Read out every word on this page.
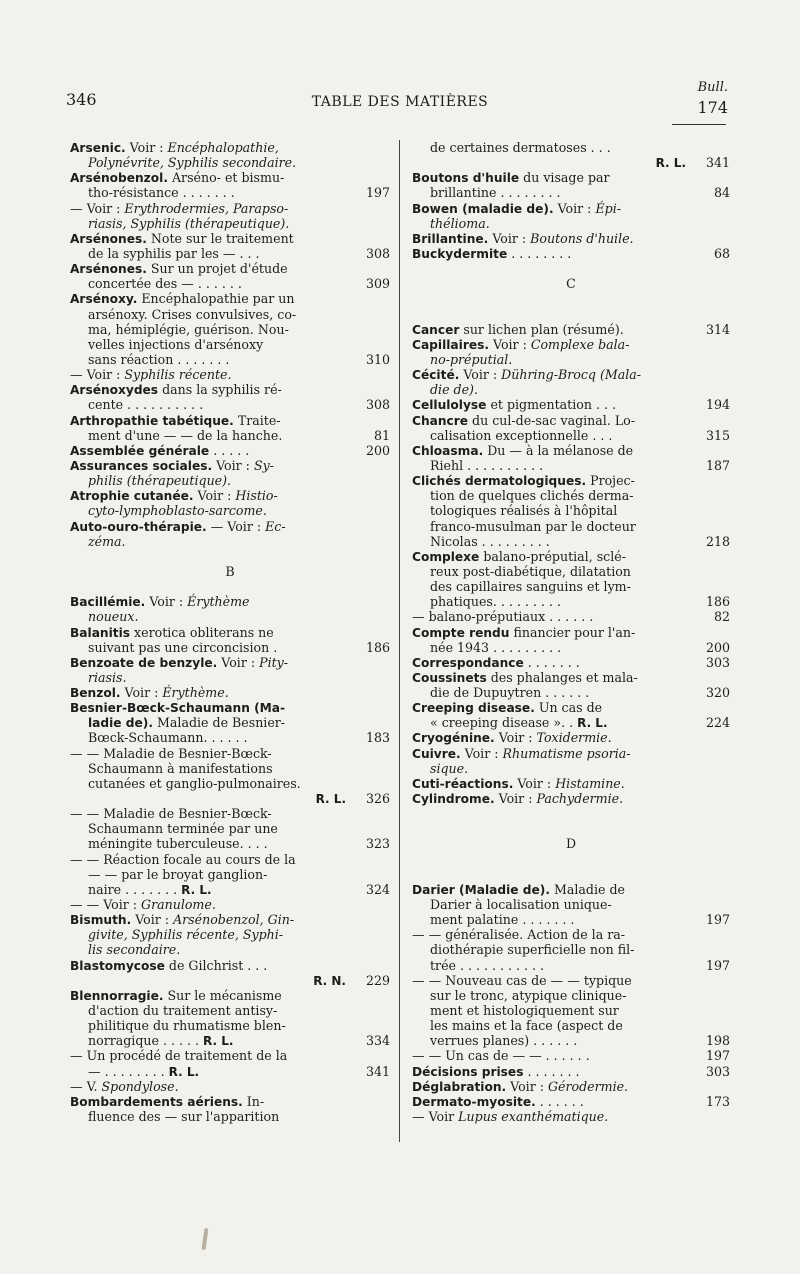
346	TABLE DES MATIÈRES
Bull.
174
Arsenic. Voir : Encéphalopathie,
Polynévrite, Syphilis secondaire.
Arsénobenzol. Arséno- et bismu-
tho-résistance . . . . . . .	197
— Voir : Erythrodermies, Parapso-
riasis, Syphilis (thérapeutique).
Arsénones. Note sur le traitement
de la syphilis par les — . . .	308
Arsénones. Sur un projet d'étude
concertée des — . . . . . .	309
Arsénoxy. Encéphalopathie par un
arsénoxy. Crises convulsives, co-
ma, hémiplégie, guérison. Nou-
velles injections d'arsénoxy
sans réaction . . . . . . .	310
— Voir : Syphilis récente.
Arsénoxydes dans la syphilis ré-
cente . . . . . . . . . .	308
Arthropathie tabétique. Traite-
ment d'une — — de la hanche.	81
Assemblée générale . . . . .	200
Assurances sociales. Voir : Sy-
philis (thérapeutique).
Atrophie cutanée. Voir : Histio-
cyto-lymphoblasto-sarcome.
Auto-ouro-thérapie. — Voir : Ec-
zéma.
B
Bacillémie. Voir : Érythème
noueux.
Balanitis xerotica obliterans ne
suivant pas une circoncision .	186
Benzoate de benzyle. Voir : Pity-
riasis.
Benzol. Voir : Érythème.
Besnier-Bœck-Schaumann (Ma-
ladie de). Maladie de Besnier-
Bœck-Schaumann. . . . . .	183
— — Maladie de Besnier-Bœck-
Schaumann à manifestations
cutanées et ganglio-pulmonaires.
R. L. 326
— — Maladie de Besnier-Bœck-
Schaumann terminée par une
méningite tuberculeuse. . . .	323
— — Réaction focale au cours de la
— — par le broyat ganglion-
naire . . . . . . . R. L.	324
— — Voir : Granulome.
Bismuth. Voir : Arsénobenzol, Gin-
givite, Syphilis récente, Syphi-
lis secondaire.
Blastomycose de Gilchrist . . .
R. N. 229
Blennorragie. Sur le mécanisme
d'action du traitement antisy-
philitique du rhumatisme blen-
norragique . . . . . R. L.	334
— Un procédé de traitement de la
— . . . . . . . . R. L.	341
— V. Spondylose.
Bombardements aériens. In-
fluence des — sur l'apparition
de certaines dermatoses . . .
R. L. 341
Boutons d'huile du visage par
brillantine . . . . . . . .	84
Bowen (maladie de). Voir : Épi-
thélioma.
Brillantine. Voir : Boutons d'huile.
Buckydermite . . . . . . . .	68
C
Cancer sur lichen plan (résumé).	314
Capillaires. Voir : Complexe bala-
no-préputial.
Cécité. Voir : Dühring-Brocq (Mala-
die de).
Cellulolyse et pigmentation . . .	194
Chancre du cul-de-sac vaginal. Lo-
calisation exceptionnelle . . .	315
Chloasma. Du — à la mélanose de
Riehl . . . . . . . . . .	187
Clichés dermatologiques. Projec-
tion de quelques clichés derma-
tologiques réalisés à l'hôpital
franco-musulman par le docteur
Nicolas . . . . . . . . .	218
Complexe balano-préputial, sclé-
reux post-diabétique, dilatation
des capillaires sanguins et lym-
phatiques. . . . . . . . .	186
— balano-préputiaux . . . . . .	82
Compte rendu financier pour l'an-
née 1943 . . . . . . . . .	200
Correspondance . . . . . . .	303
Coussinets des phalanges et mala-
die de Dupuytren . . . . . .	320
Creeping disease. Un cas de
« creeping disease ». . R. L.	224
Cryogénine. Voir : Toxidermie.
Cuivre. Voir : Rhumatisme psoria-
sique.
Cuti-réactions. Voir : Histamine.
Cylindrome. Voir : Pachydermie.
D
Darier (Maladie de). Maladie de
Darier à localisation unique-
ment palatine . . . . . . .	197
— — généralisée. Action de la ra-
diothérapie superficielle non fil-
trée . . . . . . . . . . .	197
— — Nouveau cas de — — typique
sur le tronc, atypique clinique-
ment et histologiquement sur
les mains et la face (aspect de
verrues planes) . . . . . .	198
— — Un cas de — — . . . . . .	197
Décisions prises . . . . . . .	303
Déglabration. Voir : Gérodermie.
Dermato-myosite. . . . . . .	173
— Voir Lupus exanthématique.
